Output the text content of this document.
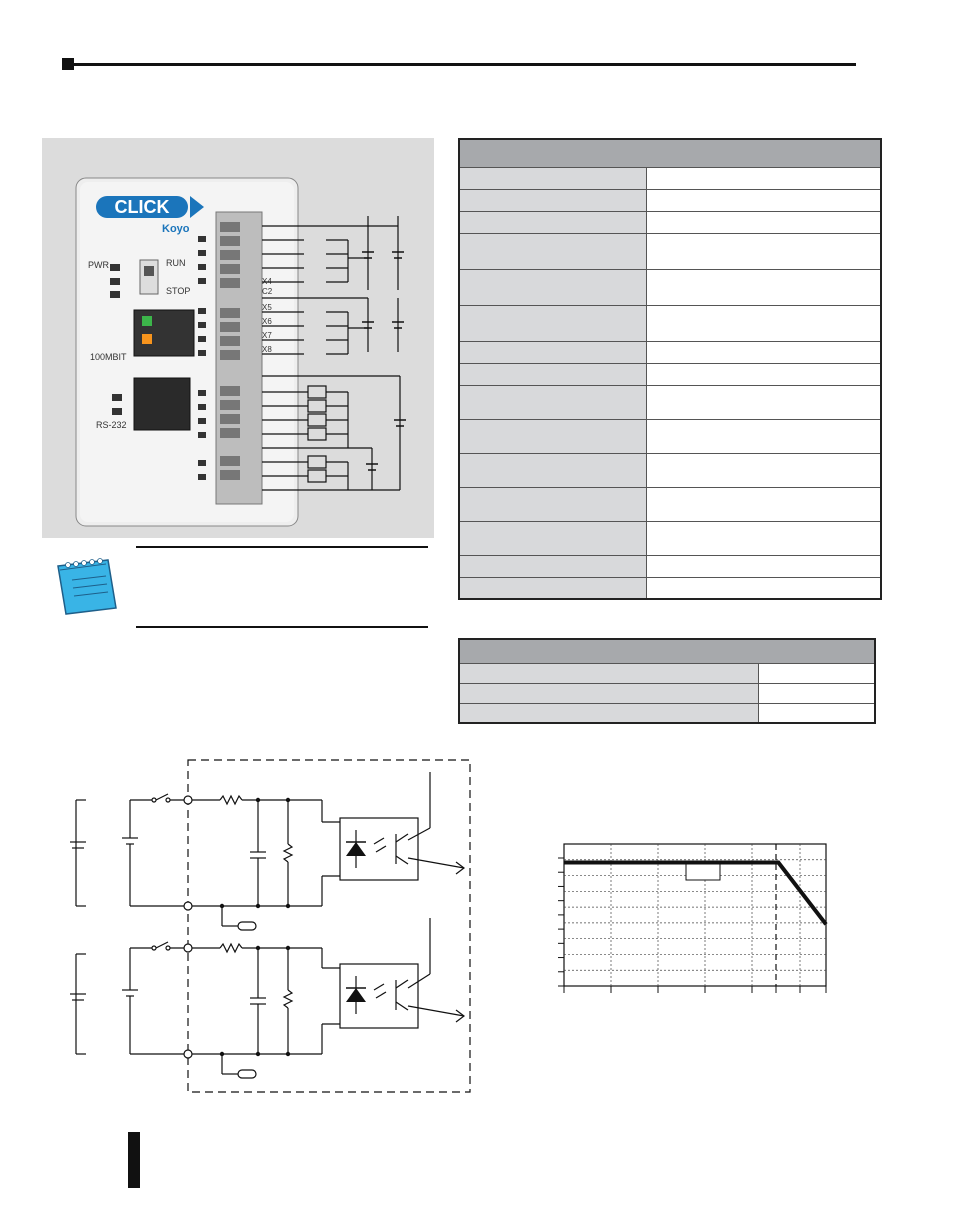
CLICK
Koyo
PWR	RUN
STOP
100MBIT
RS-232
X4
C2
X5
X6
X7
X8
